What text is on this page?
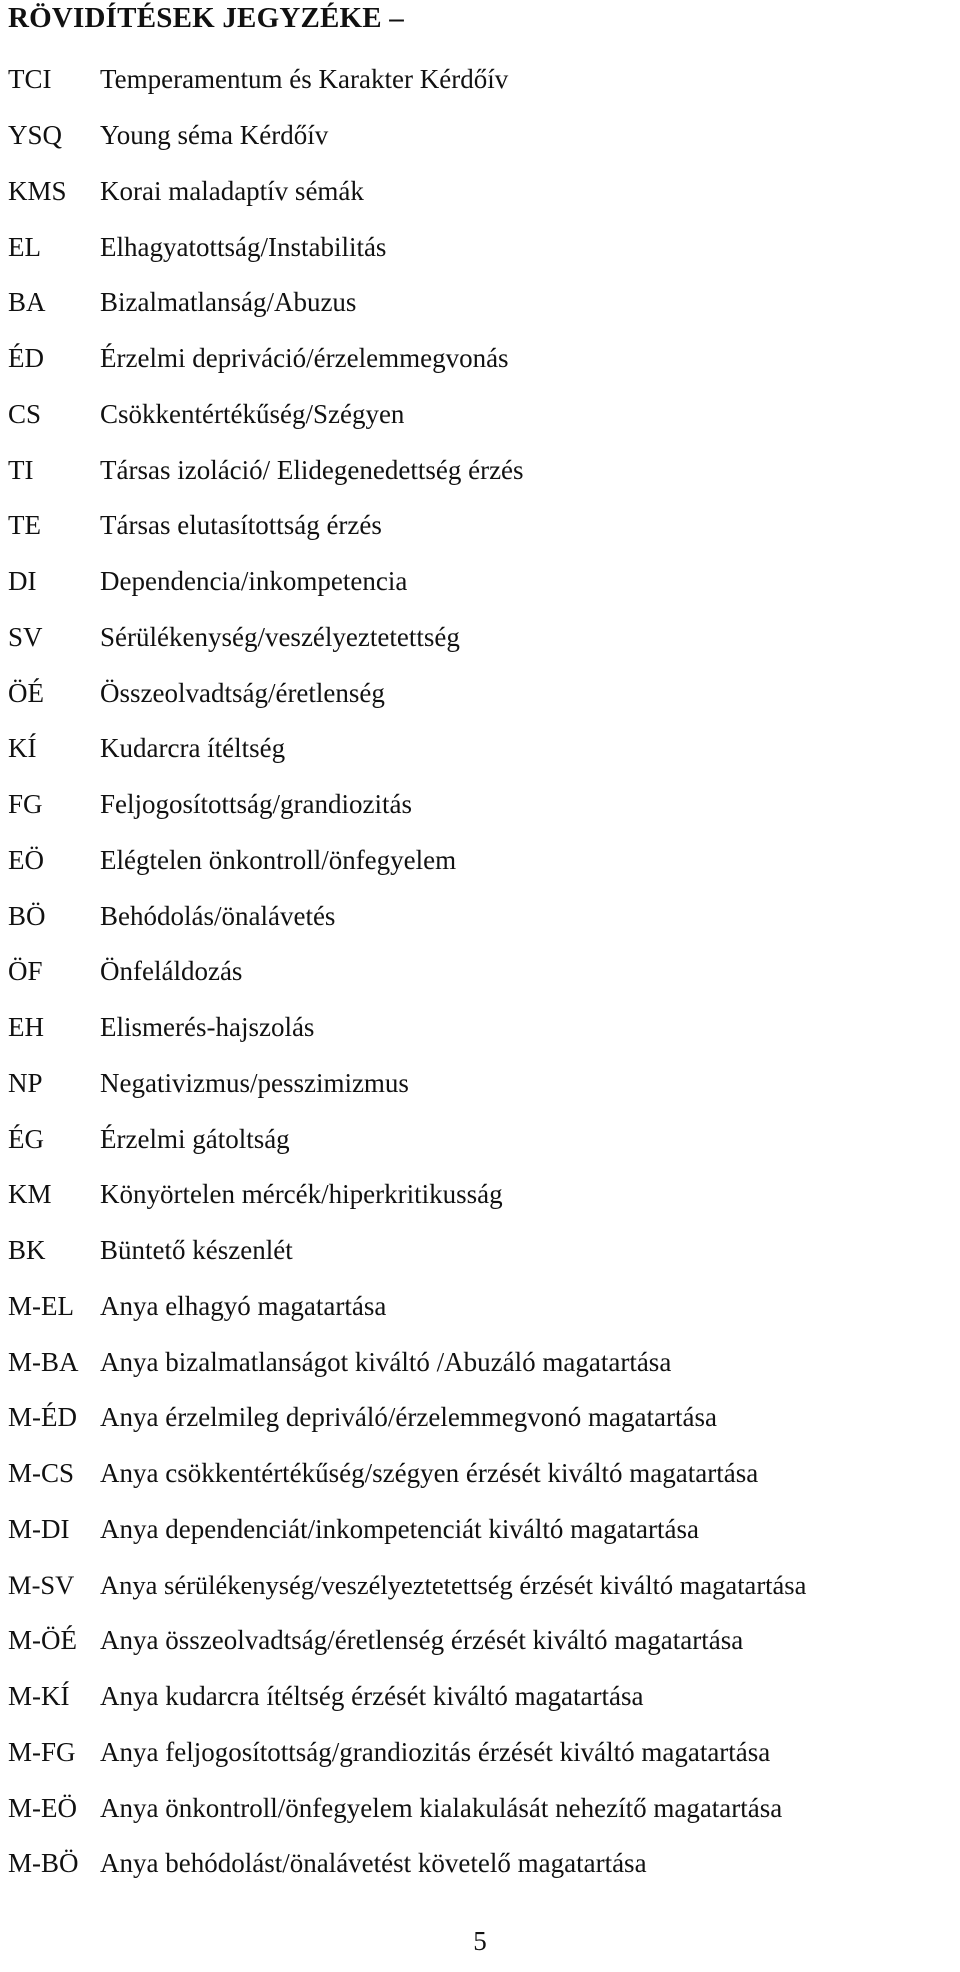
RÖVIDÍTÉSEK JEGYZÉKE –
TCI	Temperamentum és Karakter Kérdőív
YSQ	Young séma Kérdőív
KMS	Korai maladaptív sémák
EL	Elhagyatottság/Instabilitás
BA	Bizalmatlanság/Abuzus
ÉD	Érzelmi depriváció/érzelemmegvonás
CS	Csökkentértékűség/Szégyen
TI	Társas izoláció/ Elidegenedettség érzés
TE	Társas elutasítottság érzés
DI	Dependencia/inkompetencia
SV	Sérülékenység/veszélyeztetettség
ÖÉ	Összeolvadtság/éretlenség
KÍ	Kudarcra ítéltség
FG	Feljogosítottság/grandiozitás
EÖ	Elégtelen önkontroll/önfegyelem
BÖ	Behódolás/önalávetés
ÖF	Önfeláldozás
EH	Elismerés-hajszolás
NP	Negativizmus/pesszimizmus
ÉG	Érzelmi gátoltság
KM	Könyörtelen mércék/hiperkritikusság
BK	Büntető készenlét
M-EL Anya elhagyó magatartása
M-BA Anya bizalmatlanságot kiváltó /Abuzáló magatartása
M-ÉD Anya érzelmileg depriváló/érzelemmegvonó magatartása
M-CS Anya csökkentértékűség/szégyen érzését kiváltó magatartása
M-DI	Anya dependenciát/inkompetenciát kiváltó magatartása
M-SV Anya sérülékenység/veszélyeztetettség érzését kiváltó magatartása
M-ÖÉ Anya összeolvadtság/éretlenség érzését kiváltó magatartása
M-KÍ	Anya kudarcra ítéltség érzését kiváltó magatartása
M-FG Anya feljogosítottság/grandiozitás érzését kiváltó magatartása
M-EÖ Anya önkontroll/önfegyelem kialakulását nehezítő magatartása
M-BÖ Anya behódolást/önalávetést követelő magatartása
5
